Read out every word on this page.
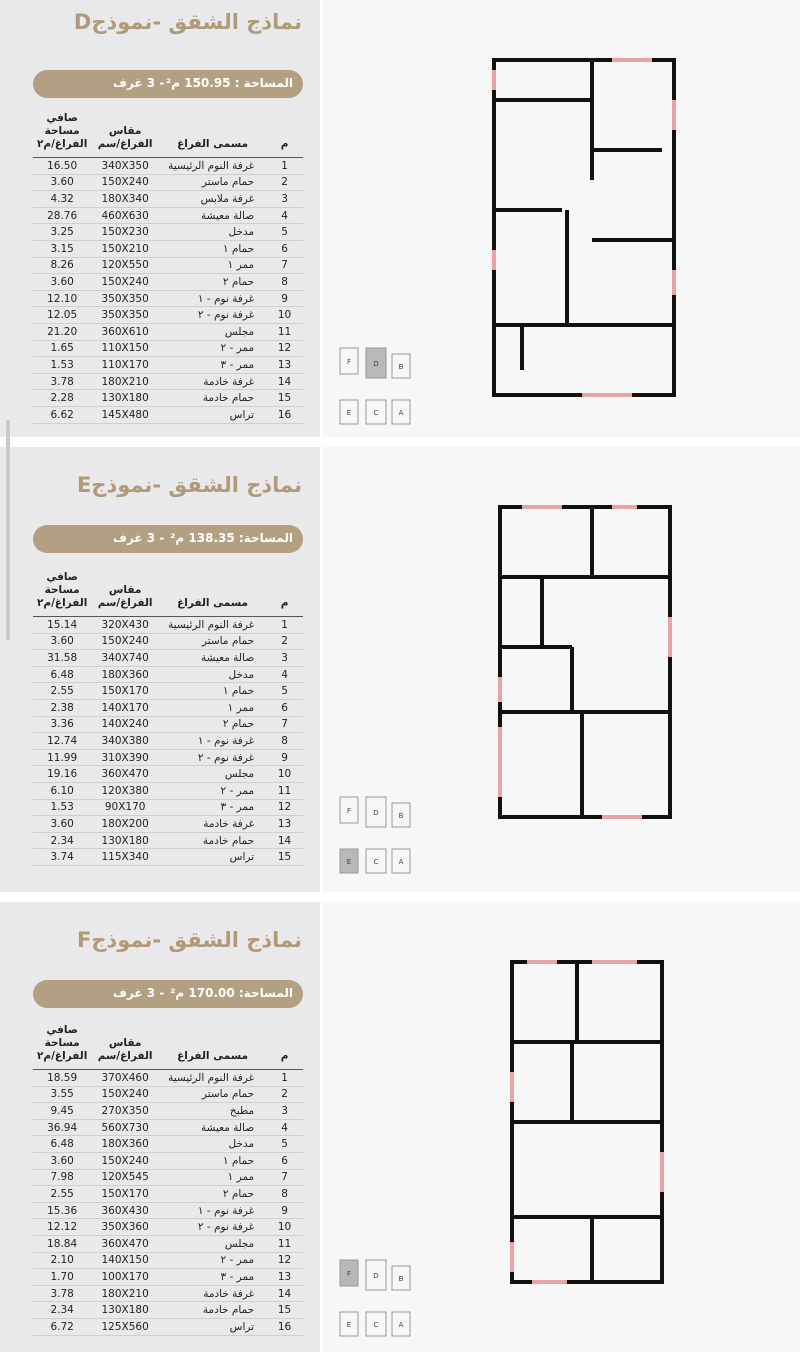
نماذج الشقق -نموذجD
المساحة : 150.95 م²
- 3 غرف
م	مسمى الفراغ	مقاس الفراغ/سم	صافي مساحة الفراغ/م٢
1	غرفة النوم الرئيسية	340X350	16.50
2	حمام ماستر	150X240	3.60
3	غرفة ملابس	180X340	4.32
4	صالة معيشة	460X630	28.76
5	مدخل	150X230	3.25
6	حمام ١	150X210	3.15
7	ممر ١	120X550	8.26
8	حمام ٢	150X240	3.60
9	غرفة نوم - ١	350X350	12.10
10	غرفة نوم - ٢	350X350	12.05
11	مجلس	360X610	21.20
12	ممر - ٢	110X150	1.65
13	ممر - ٣	110X170	1.53
14	غرفة خادمة	180X210	3.78
15	حمام خادمة	130X180	2.28
16	تراس	145X480	6.62
F	D	B
E	C	A
نماذج الشقق -نموذجE
المساحة: 138.35 م²
- 3 غرف
م	مسمى الفراغ	مقاس الفراغ/سم	صافي مساحة الفراغ/م٢
1	غرفة النوم الرئيسية	320X430	15.14
2	حمام ماستر	150X240	3.60
3	صالة معيشة	340X740	31.58
4	مدخل	180X360	6.48
5	حمام ١	150X170	2.55
6	ممر ١	140X170	2.38
7	حمام ٢	140X240	3.36
8	غرفة نوم - ١	340X380	12.74
9	غرفة نوم - ٢	310X390	11.99
10	مجلس	360X470	19.16
11	ممر - ٢	120X380	6.10
12	ممر - ٣	90X170	1.53
13	غرفة خادمة	180X200	3.60
14	حمام خادمة	130X180	2.34
15	تراس	115X340	3.74
F	D	B
E	C	A
نماذج الشقق -نموذجF
المساحة: 170.00 م²
- 3 غرف
م	مسمى الفراغ	مقاس الفراغ/سم	صافي مساحة الفراغ/م٢
1	غرفة النوم الرئيسية	370X460	18.59
2	حمام ماستر	150X240	3.55
3	مطبخ	270X350	9.45
4	صالة معيشة	560X730	36.94
5	مدخل	180X360	6.48
6	حمام ١	150X240	3.60
7	ممر ١	120X545	7.98
8	حمام ٢	150X170	2.55
9	غرفة نوم - ١	360X430	15.36
10	غرفة نوم - ٢	350X360	12.12
11	مجلس	360X470	18.84
12	ممر - ٢	140X150	2.10
13	ممر - ٣	100X170	1.70
14	غرفة خادمة	180X210	3.78
15	حمام خادمة	130X180	2.34
16	تراس	125X560	6.72
F	D	B
E	C	A
